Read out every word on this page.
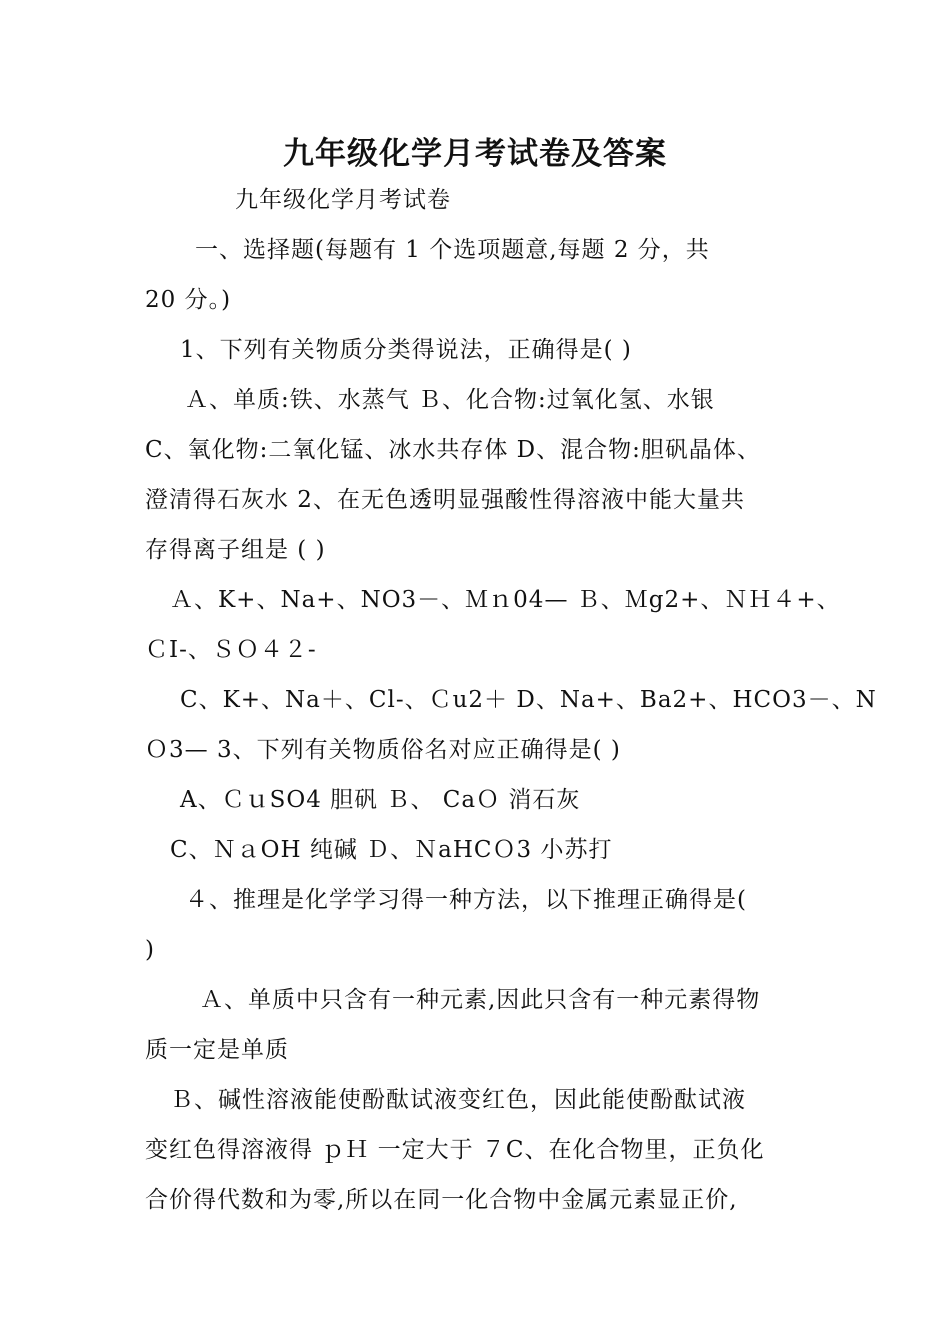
九年级化学月考试卷及答案
九年级化学月考试卷
一、选择题(每题有 1 个选项题意,每题 2 分，共
20 分。)
1、下列有关物质分类得说法，正确得是( )
Ａ、单质:铁、水蒸气 Ｂ、化合物:过氧化氢、水银
C、氧化物:二氧化锰、冰水共存体 D、混合物:胆矾晶体、
澄清得石灰水 2、在无色透明显强酸性得溶液中能大量共
存得离子组是 ( )
Ａ、K+、Na+、NO3－、Ｍｎ04— Ｂ、Ｍg2+、ＮＨ４+、
ＣⅠ-、ＳＯ４２-
C、K+、Na＋、Cl-、Ｃu2＋ D、Na+、Ba2+、HCO3－、N
Ｏ3— 3、下列有关物质俗名对应正确得是( )
A、ＣｕSO4 胆矾 Ｂ、 CaＯ 消石灰
C、ＮａOH 纯碱 Ｄ、ＮaHCＯ3 小苏打
４、推理是化学学习得一种方法，以下推理正确得是(
)
Ａ、单质中只含有一种元素,因此只含有一种元素得物
质一定是单质
Ｂ、碱性溶液能使酚酞试液变红色，因此能使酚酞试液
变红色得溶液得 ｐＨ 一定大于 ７C、在化合物里，正负化
合价得代数和为零,所以在同一化合物中金属元素显正价,
